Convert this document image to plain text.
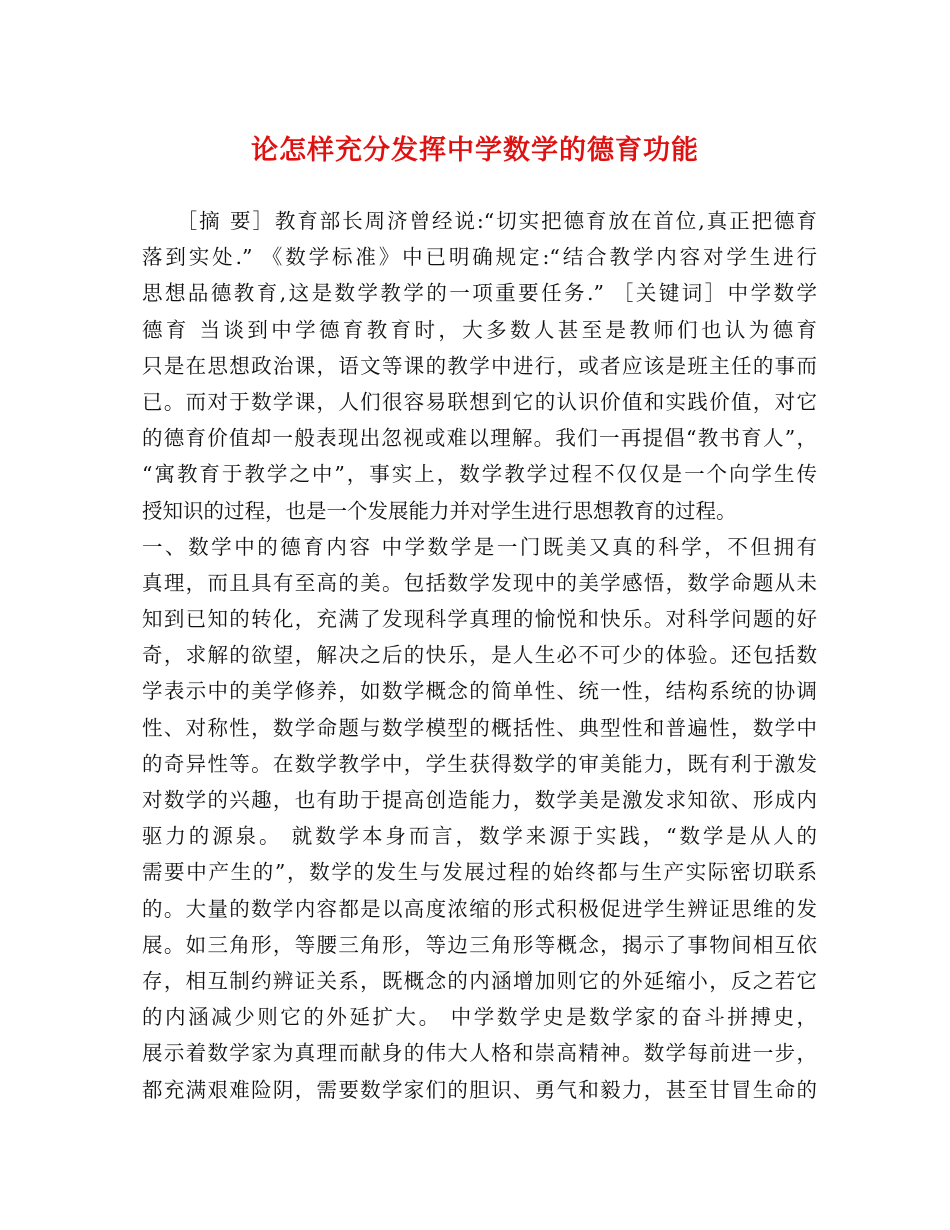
论怎样充分发挥中学数学的德育功能
　　［摘 要］教育部长周济曾经说:“切实把德育放在首位,真正把德育
落到实处.” 《数学标准》中已明确规定:“结合教学内容对学生进行
思想品德教育,这是数学教学的一项重要任务.” ［关键词］中学数学
德育 当谈到中学德育教育时，大多数人甚至是教师们也认为德育
只是在思想政治课，语文等课的教学中进行，或者应该是班主任的事而
已。而对于数学课，人们很容易联想到它的认识价值和实践价值，对它
的德育价值却一般表现出忽视或难以理解。我们一再提倡“教书育人”，
“寓教育于教学之中”，事实上，数学教学过程不仅仅是一个向学生传
授知识的过程，也是一个发展能力并对学生进行思想教育的过程。
一、数学中的德育内容 中学数学是一门既美又真的科学，不但拥有
真理，而且具有至高的美。包括数学发现中的美学感悟，数学命题从未
知到已知的转化，充满了发现科学真理的愉悦和快乐。对科学问题的好
奇，求解的欲望，解决之后的快乐，是人生必不可少的体验。还包括数
学表示中的美学修养，如数学概念的简单性、统一性，结构系统的协调
性、对称性，数学命题与数学模型的概括性、典型性和普遍性，数学中
的奇异性等。在数学教学中，学生获得数学的审美能力，既有利于激发
对数学的兴趣，也有助于提高创造能力，数学美是激发求知欲、形成内
驱力的源泉。 就数学本身而言，数学来源于实践，“数学是从人的
需要中产生的”，数学的发生与发展过程的始终都与生产实际密切联系
的。大量的数学内容都是以高度浓缩的形式积极促进学生辨证思维的发
展。如三角形，等腰三角形，等边三角形等概念，揭示了事物间相互依
存，相互制约辨证关系，既概念的内涵增加则它的外延缩小，反之若它
的内涵减少则它的外延扩大。 中学数学史是数学家的奋斗拼搏史，
展示着数学家为真理而献身的伟大人格和崇高精神。数学每前进一步，
都充满艰难险阴，需要数学家们的胆识、勇气和毅力，甚至甘冒生命的
